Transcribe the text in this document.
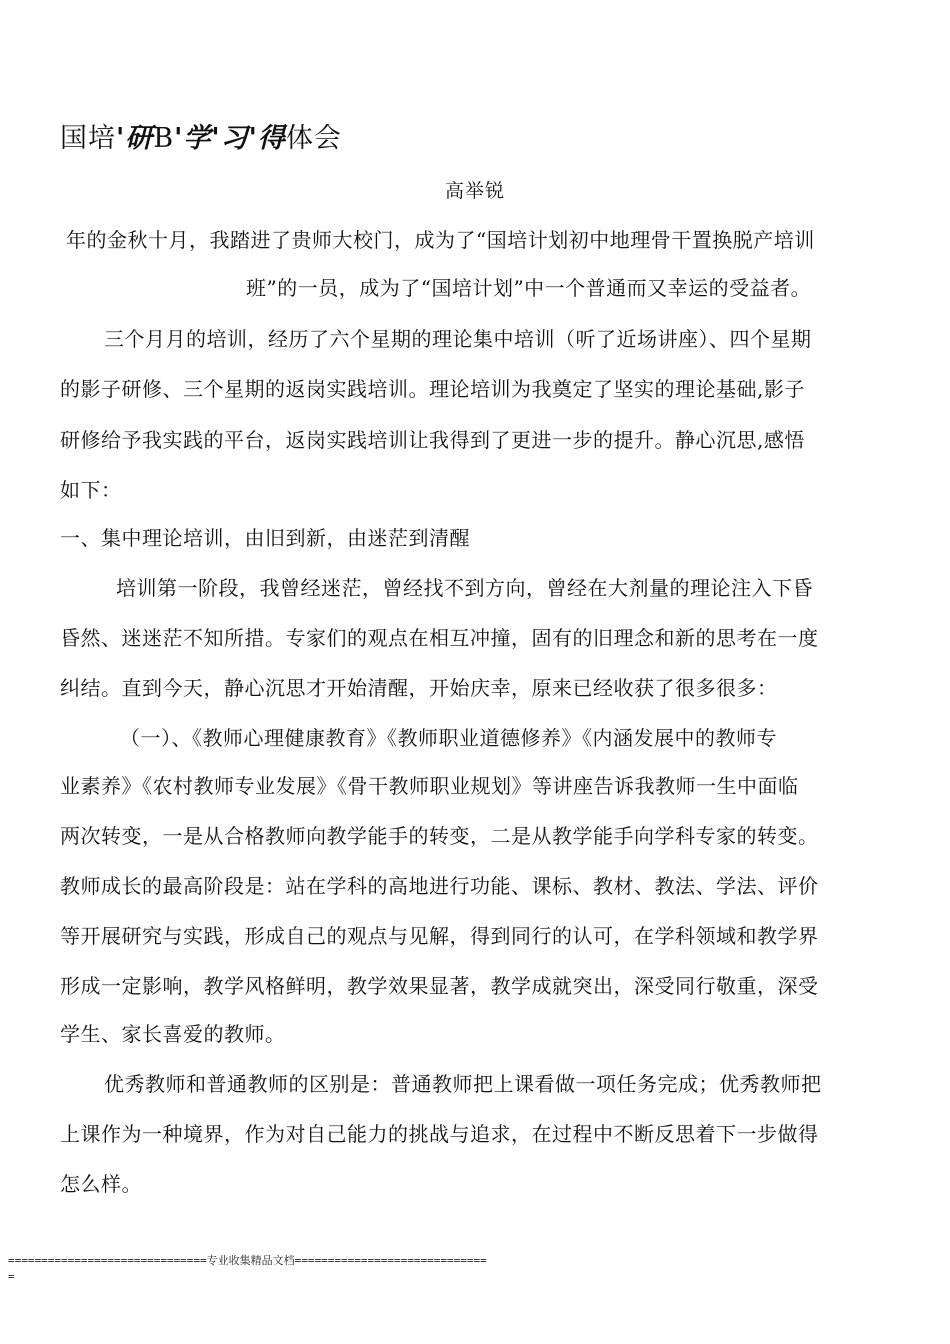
国培'研B'学'习'得体会
高举锐
年的金秋十月，我踏进了贵师大校门，成为了“国培计划初中地理骨干置换脱产培训
班”的一员，成为了“国培计划”中一个普通而又幸运的受益者。
三个月月的培训，经历了六个星期的理论集中培训（听了近场讲座）、四个星期
的影子研修、三个星期的返岗实践培训。理论培训为我奠定了坚实的理论基础,影子
研修给予我实践的平台，返岗实践培训让我得到了更进一步的提升。静心沉思,感悟
如下：
一、集中理论培训，由旧到新，由迷茫到清醒
培训第一阶段，我曾经迷茫，曾经找不到方向，曾经在大剂量的理论注入下昏
昏然、迷迷茫不知所措。专家们的观点在相互冲撞，固有的旧理念和新的思考在一度
纠结。直到今天，静心沉思才开始清醒，开始庆幸，原来已经收获了很多很多：
（一）、《教师心理健康教育》《教师职业道德修养》《内涵发展中的教师专
业素养》《农村教师专业发展》《骨干教师职业规划》等讲座告诉我教师一生中面临
两次转变，一是从合格教师向教学能手的转变，二是从教学能手向学科专家的转变。
教师成长的最高阶段是：站在学科的高地进行功能、课标、教材、教法、学法、评价
等开展研究与实践，形成自己的观点与见解，得到同行的认可，在学科领域和教学界
形成一定影响，教学风格鲜明，教学效果显著，教学成就突出，深受同行敬重，深受
学生、家长喜爱的教师。
优秀教师和普通教师的区别是：普通教师把上课看做一项任务完成；优秀教师把
上课作为一种境界，作为对自己能力的挑战与追求，在过程中不断反思着下一步做得
怎么样。
==============================专业收集精品文档=============================
=
